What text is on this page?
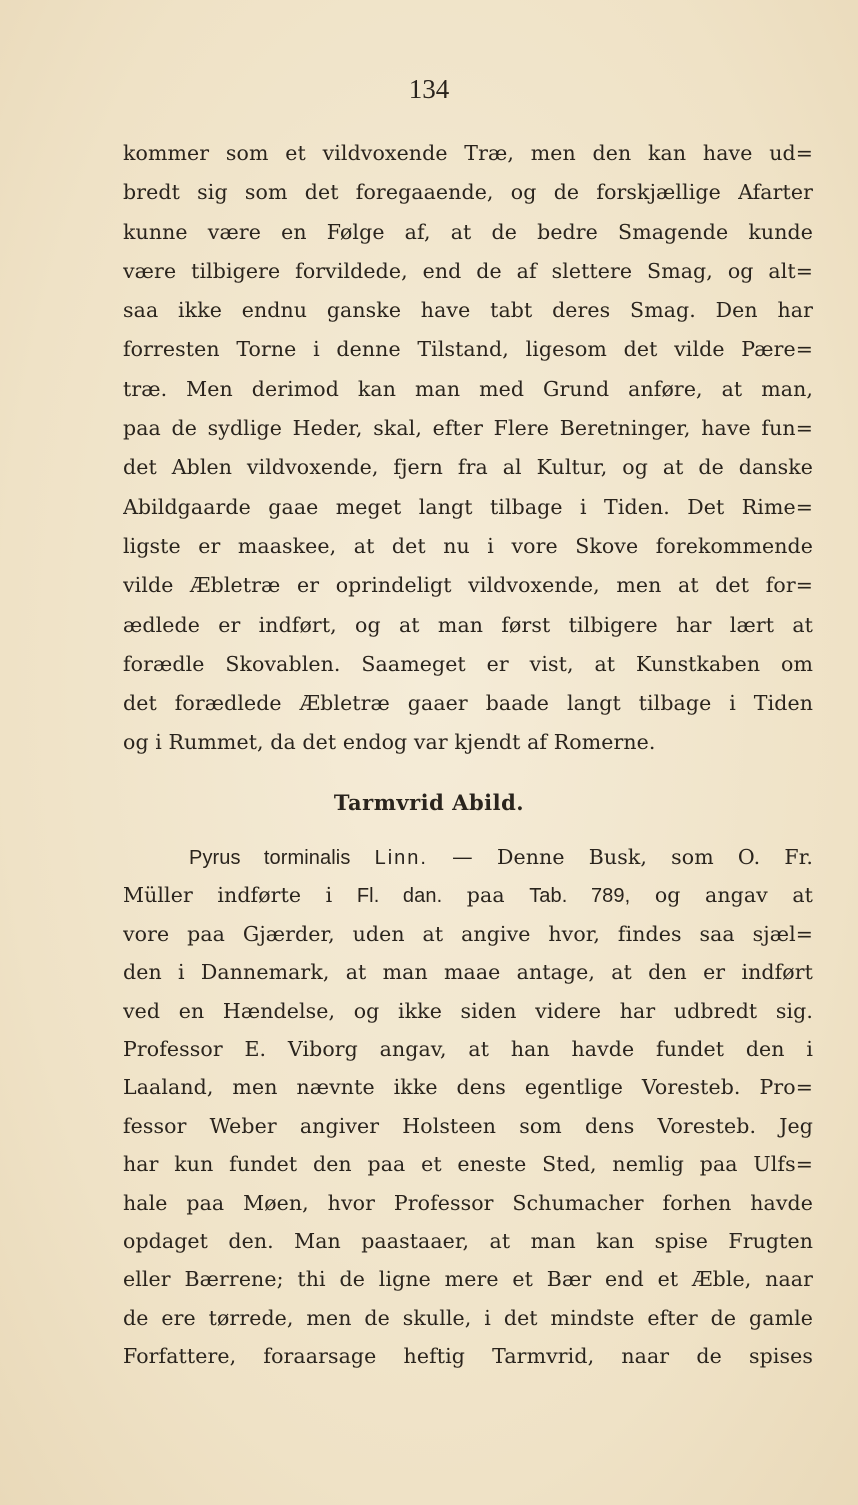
134
kommer som et vildvoxende Træ, men den kan have ud=
bredt sig som det foregaaende, og de forskjællige Afarter
kunne være en Følge af, at de bedre Smagende kunde
være tilbigere forvildede, end de af slettere Smag, og alt=
saa ikke endnu ganske have tabt deres Smag. Den har
forresten Torne i denne Tilstand, ligesom det vilde Pære=
træ. Men derimod kan man med Grund anføre, at man,
paa de sydlige Heder, skal, efter Flere Beretninger, have fun=
det Ablen vildvoxende, fjern fra al Kultur, og at de danske
Abildgaarde gaae meget langt tilbage i Tiden. Det Rime=
ligste er maaskee, at det nu i vore Skove forekommende
vilde Æbletræ er oprindeligt vildvoxende, men at det for=
ædlede er indført, og at man først tilbigere har lært at
forædle Skovablen. Saameget er vist, at Kunstkaben om
det forædlede Æbletræ gaaer baade langt tilbage i Tiden
og i Rummet, da det endog var kjendt af Romerne.
Tarmvrid Abild.
Pyrus torminalis Linn. — Denne Busk, som O. Fr.
Müller indførte i Fl. dan. paa Tab. 789, og angav at
vore paa Gjærder, uden at angive hvor, findes saa sjæl=
den i Dannemark, at man maae antage, at den er indført
ved en Hændelse, og ikke siden videre har udbredt sig.
Professor E. Viborg angav, at han havde fundet den i
Laaland, men nævnte ikke dens egentlige Voresteb. Pro=
fessor Weber angiver Holsteen som dens Voresteb. Jeg
har kun fundet den paa et eneste Sted, nemlig paa Ulfs=
hale paa Møen, hvor Professor Schumacher forhen havde
opdaget den. Man paastaaer, at man kan spise Frugten
eller Bærrene; thi de ligne mere et Bær end et Æble, naar
de ere tørrede, men de skulle, i det mindste efter de gamle
Forfattere, foraarsage heftig Tarmvrid, naar de spises
